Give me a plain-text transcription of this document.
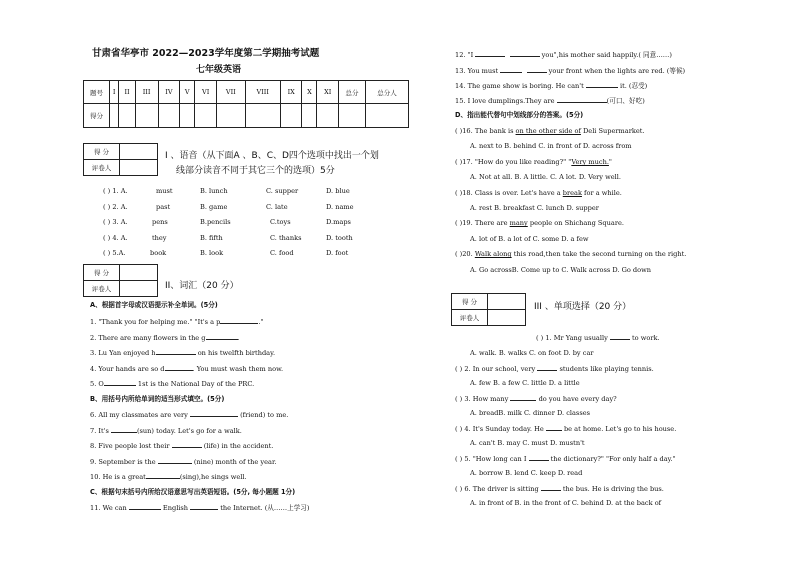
甘肃省华亭市 2022—2023学年度第二学期抽考试题
七年级英语
题号	I	II	III	IV	V	VI	VII	VIII	IX	X	XI	总分	总分人
得分													
得 分	
评卷人	
I 、语音（从下面A 、B、C、D四个选项中找出一个划
线部分读音不同于其它三个的选项）5分
( ) 1. A.	must	B. lunch	C. supper	D. blue
( ) 2. A.	past	B. game	C. late	D. name
( ) 3. A.	pens	B.pencils	C.toys	D.maps
( ) 4. A.	they	B. fifth	C. thanks	D. tooth
( ) 5.A.	book	B. look	C. food	D. foot
得 分	
评卷人		II、词汇（20 分）
A、根据首字母或汉语提示补全单词。(5分)
1. "Thank you for helping me." "It's a p	."
2. There are many flowers in the g	.
3. Lu Yan enjoyed h	on his twelfth birthday.
4. Your hands are so d	. You must wash them now.
5. O	1st is the National Day of the PRC.
B、用括号内所给单词的适当形式填空。(5分)
6. All my classmates are very	(friend) to me.
7. It's	(sun) today. Let's go for a walk.
8. Five people lost their	(life) in the accident.
9. September is the	(nine) month of the year.
10. He is a great	(sing),he sings well.
C、根据句末括号内所给汉语意思写出英语短语。(5分, 每小题题 1分)
11. We can	English	the Internet. (从……上学习)
12. "I	you",his mother said happily.( 同意……)
13. You must	your front when the lights are red. (等候)
14. The game show is boring. He can't	it. (忍受)
15. I love dumplings.They are	(可口、好吃)
D、指出能代替句中划线部分的答案。(5分)
( )16. The bank is on the other side of Deli Supermarket.
A. next to B. behind C. in front of D. across from
( )17. "How do you like reading?" "Very much."
A. Not at all. B. A little. C. A lot. D. Very well.
( )18. Class is over. Let's have a break for a while.
A. rest B. breakfast C. lunch D. supper
( )19. There are many people on Shichang Square.
A. lot of B. a lot of C. some D. a few
( )20. Walk along this road,then take the second turning on the right.
A. Go acrossB. Come up to C. Walk across D. Go down
得 分	
评卷人	
III 、单项选择（20 分）
( ) 1. Mr Yang usually	to work.
A. walk. B. walks C. on foot D. by car
( ) 2. In our school, very	students like playing tennis.
A. few B. a few C. little D. a little
( ) 3. How many	do you have every day?
A. breadB. milk C. dinner D. classes
( ) 4. It's Sunday today. He	be at home. Let's go to his house.
A. can't B. may C. must D. mustn't
( ) 5. "How long can I	the dictionary?" "For only half a day."
A. borrow B. lend C. keep D. read
( ) 6. The driver is sitting	the bus. He is driving the bus.
A. in front of B. in the front of C. behind D. at the back of
